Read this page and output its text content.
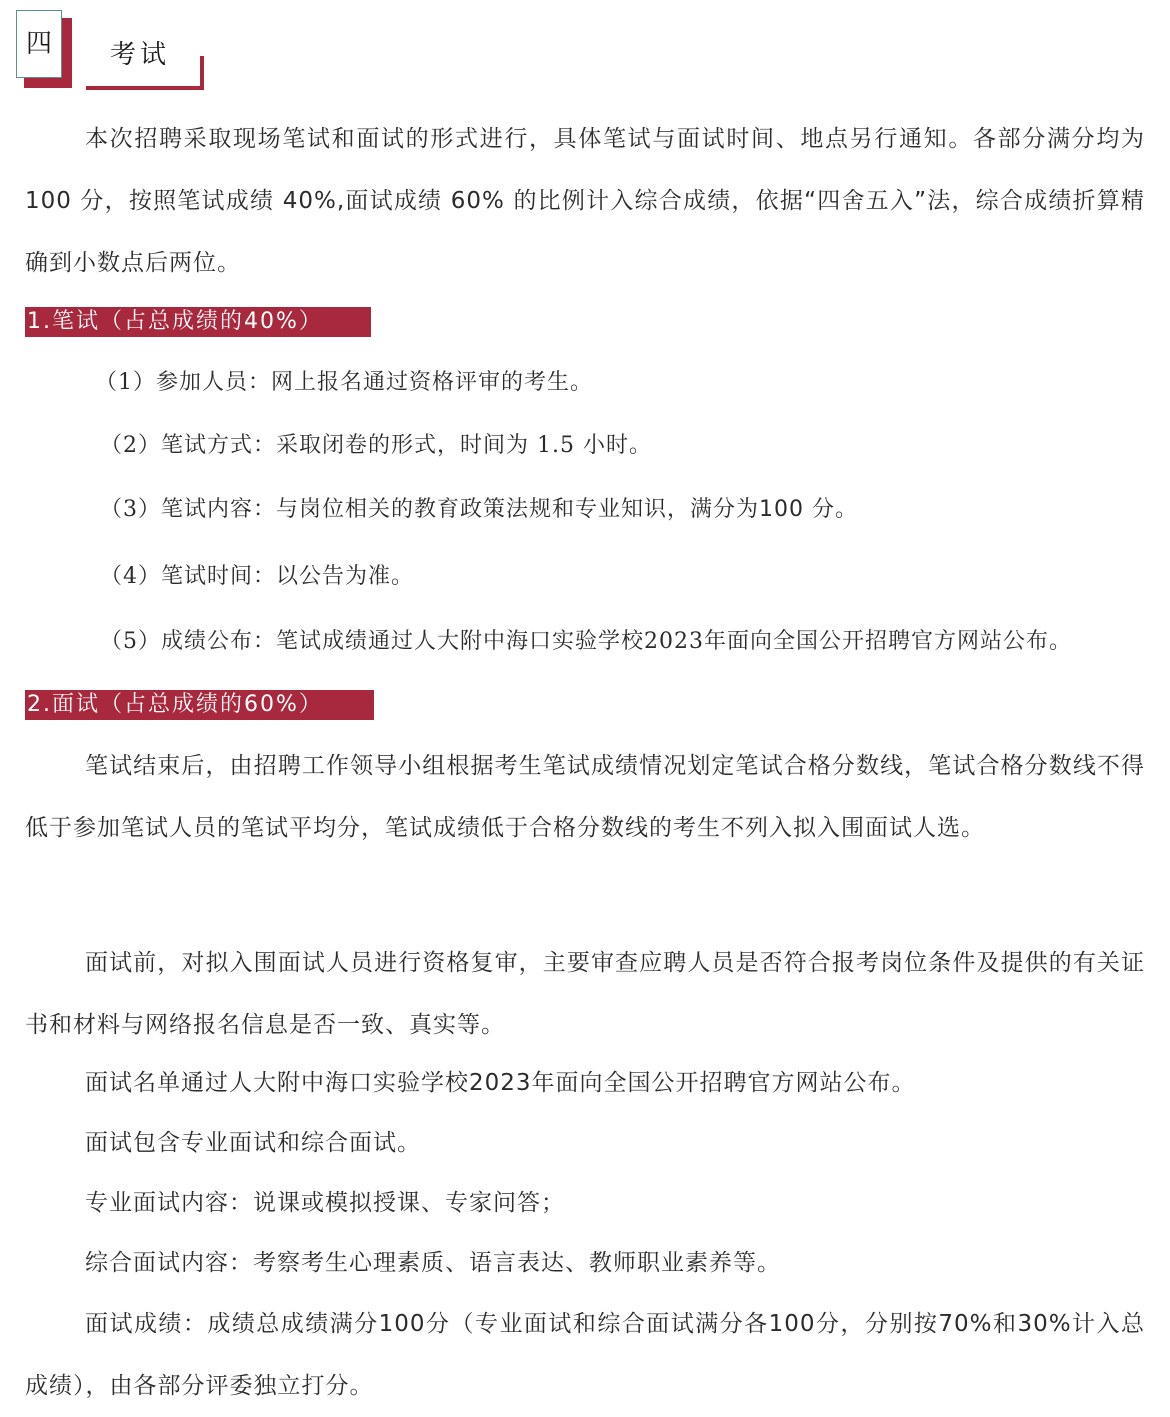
四	考试
本次招聘采取现场笔试和面试的形式进行，具体笔试与面试时间、地点另行通知。各部分满分均为 100 分，按照笔试成绩 40%,面试成绩 60% 的比例计入综合成绩，依据“四舍五入”法，综合成绩折算精确到小数点后两位。
1.笔试（占总成绩的40%）
（1）参加人员：网上报名通过资格评审的考生。
（2）笔试方式：采取闭卷的形式，时间为 1.5 小时。
（3）笔试内容：与岗位相关的教育政策法规和专业知识，满分为100 分。
（4）笔试时间：以公告为准。
（5）成绩公布：笔试成绩通过人大附中海口实验学校2023年面向全国公开招聘官方网站公布。
2.面试（占总成绩的60%）
笔试结束后，由招聘工作领导小组根据考生笔试成绩情况划定笔试合格分数线，笔试合格分数线不得低于参加笔试人员的笔试平均分，笔试成绩低于合格分数线的考生不列入拟入围面试人选。
面试前，对拟入围面试人员进行资格复审，主要审查应聘人员是否符合报考岗位条件及提供的有关证书和材料与网络报名信息是否一致、真实等。
面试名单通过人大附中海口实验学校2023年面向全国公开招聘官方网站公布。
面试包含专业面试和综合面试。
专业面试内容：说课或模拟授课、专家问答；
综合面试内容：考察考生心理素质、语言表达、教师职业素养等。
面试成绩：成绩总成绩满分100分（专业面试和综合面试满分各100分，分别按70%和30%计入总成绩），由各部分评委独立打分。
